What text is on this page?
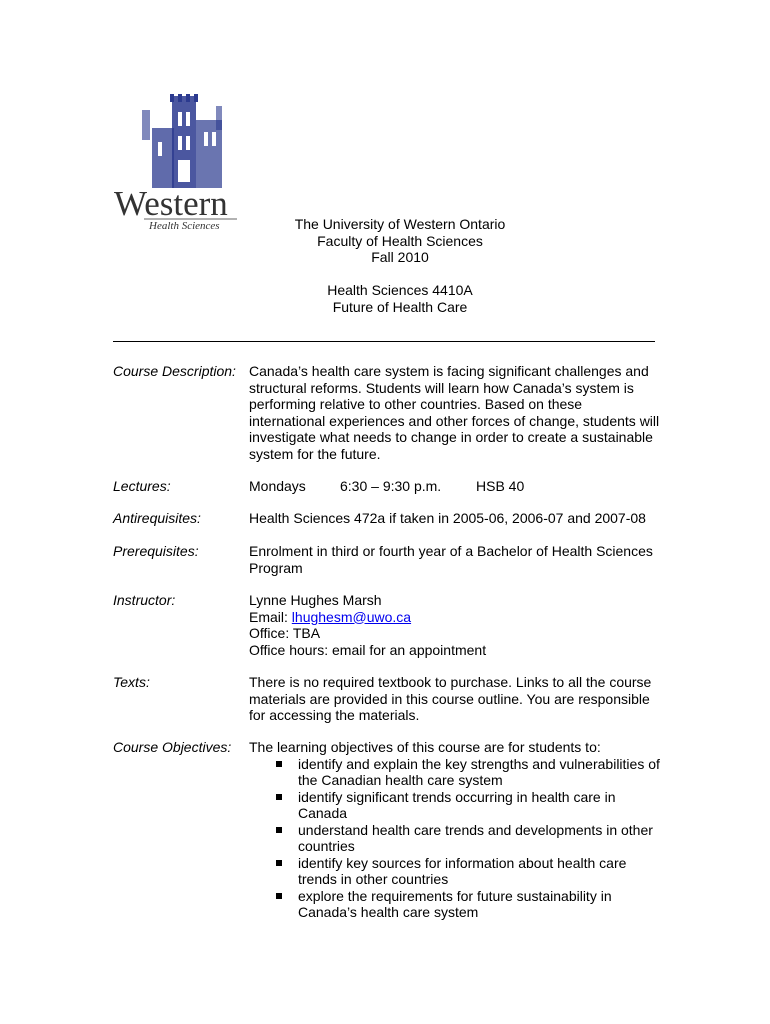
Western
Health Sciences	The University of Western Ontario
Faculty of Health Sciences
Fall 2010
Health Sciences 4410A
Future of Health Care
Course Description: Canada’s health care system is facing significant challenges and
structural reforms. Students will learn how Canada’s system is
performing relative to other countries. Based on these
international experiences and other forces of change, students will
investigate what needs to change in order to create a sustainable
system for the future.
Lectures:	Mondays 6:30 – 9:30 p.m. HSB 40
Antirequisites:	Health Sciences 472a if taken in 2005-06, 2006-07 and 2007-08
Prerequisites:	Enrolment in third or fourth year of a Bachelor of Health Sciences
Program
Instructor:	Lynne Hughes Marsh
Email: lhughesm@uwo.ca
Office: TBA
Office hours: email for an appointment
Texts:	There is no required textbook to purchase. Links to all the course
materials are provided in this course outline. You are responsible
for accessing the materials.
Course Objectives: The learning objectives of this course are for students to:
identify and explain the key strengths and vulnerabilities of
the Canadian health care system
identify significant trends occurring in health care in
Canada
understand health care trends and developments in other
countries
identify key sources for information about health care
trends in other countries
explore the requirements for future sustainability in
Canada’s health care system
